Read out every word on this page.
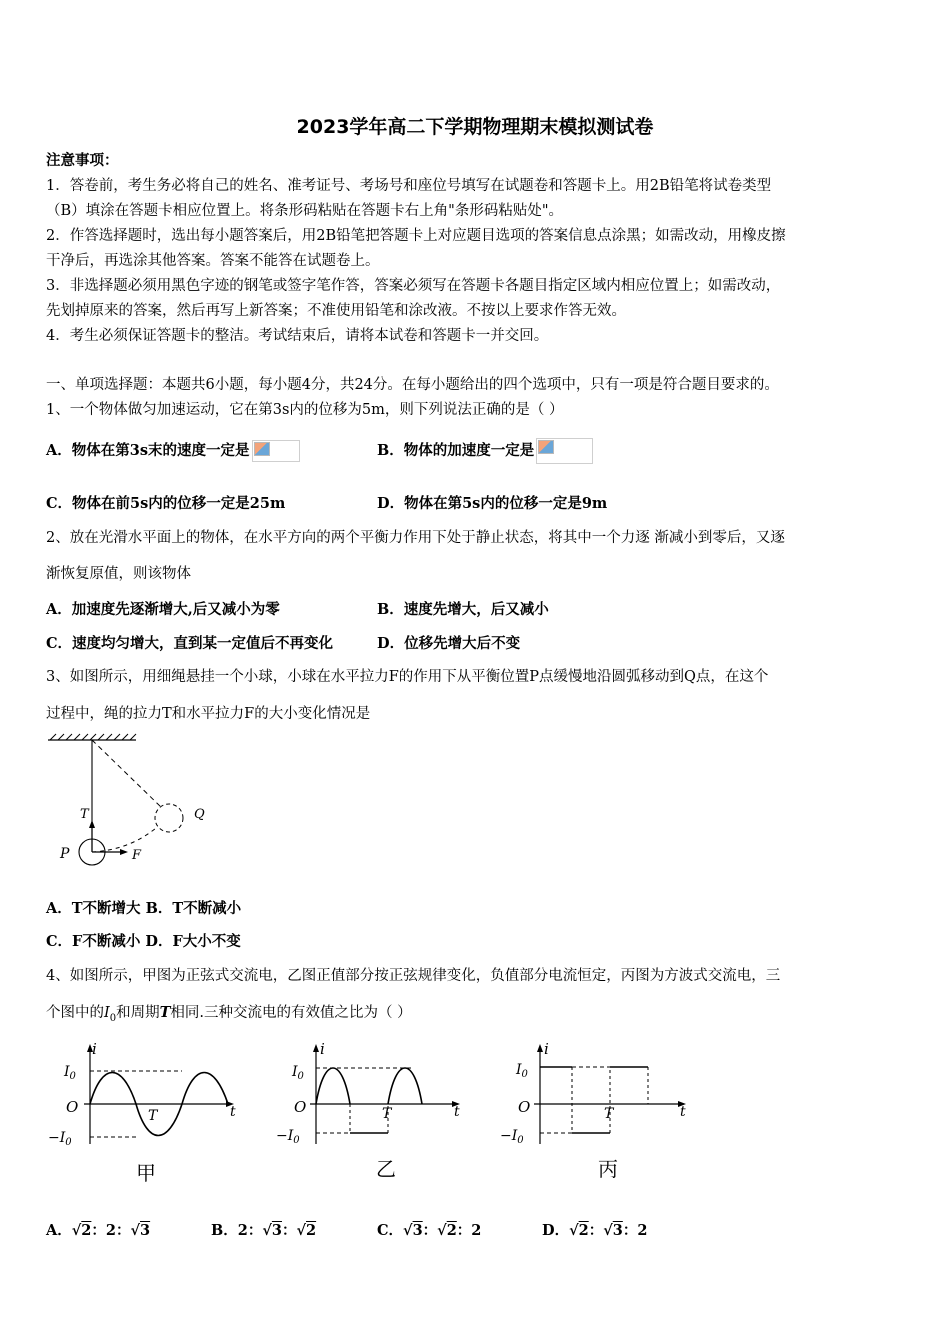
2023学年高二下学期物理期末模拟测试卷
注意事项：
1．答卷前，考生务必将自己的姓名、准考证号、考场号和座位号填写在试题卷和答题卡上。用2B铅笔将试卷类型
（B）填涂在答题卡相应位置上。将条形码粘贴在答题卡右上角"条形码粘贴处"。
2．作答选择题时，选出每小题答案后，用2B铅笔把答题卡上对应题目选项的答案信息点涂黑；如需改动，用橡皮擦
干净后，再选涂其他答案。答案不能答在试题卷上。
3．非选择题必须用黑色字迹的钢笔或签字笔作答，答案必须写在答题卡各题目指定区域内相应位置上；如需改动，
先划掉原来的答案，然后再写上新答案；不准使用铅笔和涂改液。不按以上要求作答无效。
4．考生必须保证答题卡的整洁。考试结束后，请将本试卷和答题卡一并交回。
一、单项选择题：本题共6小题，每小题4分，共24分。在每小题给出的四个选项中，只有一项是符合题目要求的。
1、一个物体做匀加速运动，它在第3s内的位移为5m，则下列说法正确的是（ ）
A．物体在第3s末的速度一定是	B．物体的加速度一定是
C．物体在前5s内的位移一定是25m	D．物体在第5s内的位移一定是9m
2、放在光滑水平面上的物体，在水平方向的两个平衡力作用下处于静止状态，将其中一个力逐 渐减小到零后，又逐
渐恢复原值，则该物体
A．加速度先逐渐增大,后又减小为零	B．速度先增大，后又减小
C．速度均匀增大，直到某一定值后不再变化	D．位移先增大后不变
3、如图所示，用细绳悬挂一个小球，小球在水平拉力F的作用下从平衡位置P点缓慢地沿圆弧移动到Q点，在这个
过程中，绳的拉力T和水平拉力F的大小变化情况是
T	Q
P	F
A．T不断增大 B．T不断减小
C．F不断减小 D．F大小不变
4、如图所示，甲图为正弦式交流电，乙图正值部分按正弦规律变化，负值部分电流恒定，丙图为方波式交流电，三
个图中的$I_0$和周期T相同.三种交流电的有效值之比为（ ）
i
t
$I_0$
O
$-I_0$
T
甲
i
t
$I_0$
O
$-I_0$
T
乙
i
t
$I_0$
O
$-I_0$
T
丙
A．√2：2：√3	B．2：√3：√2	C．√3：√2：2	D．√2：√3：2
